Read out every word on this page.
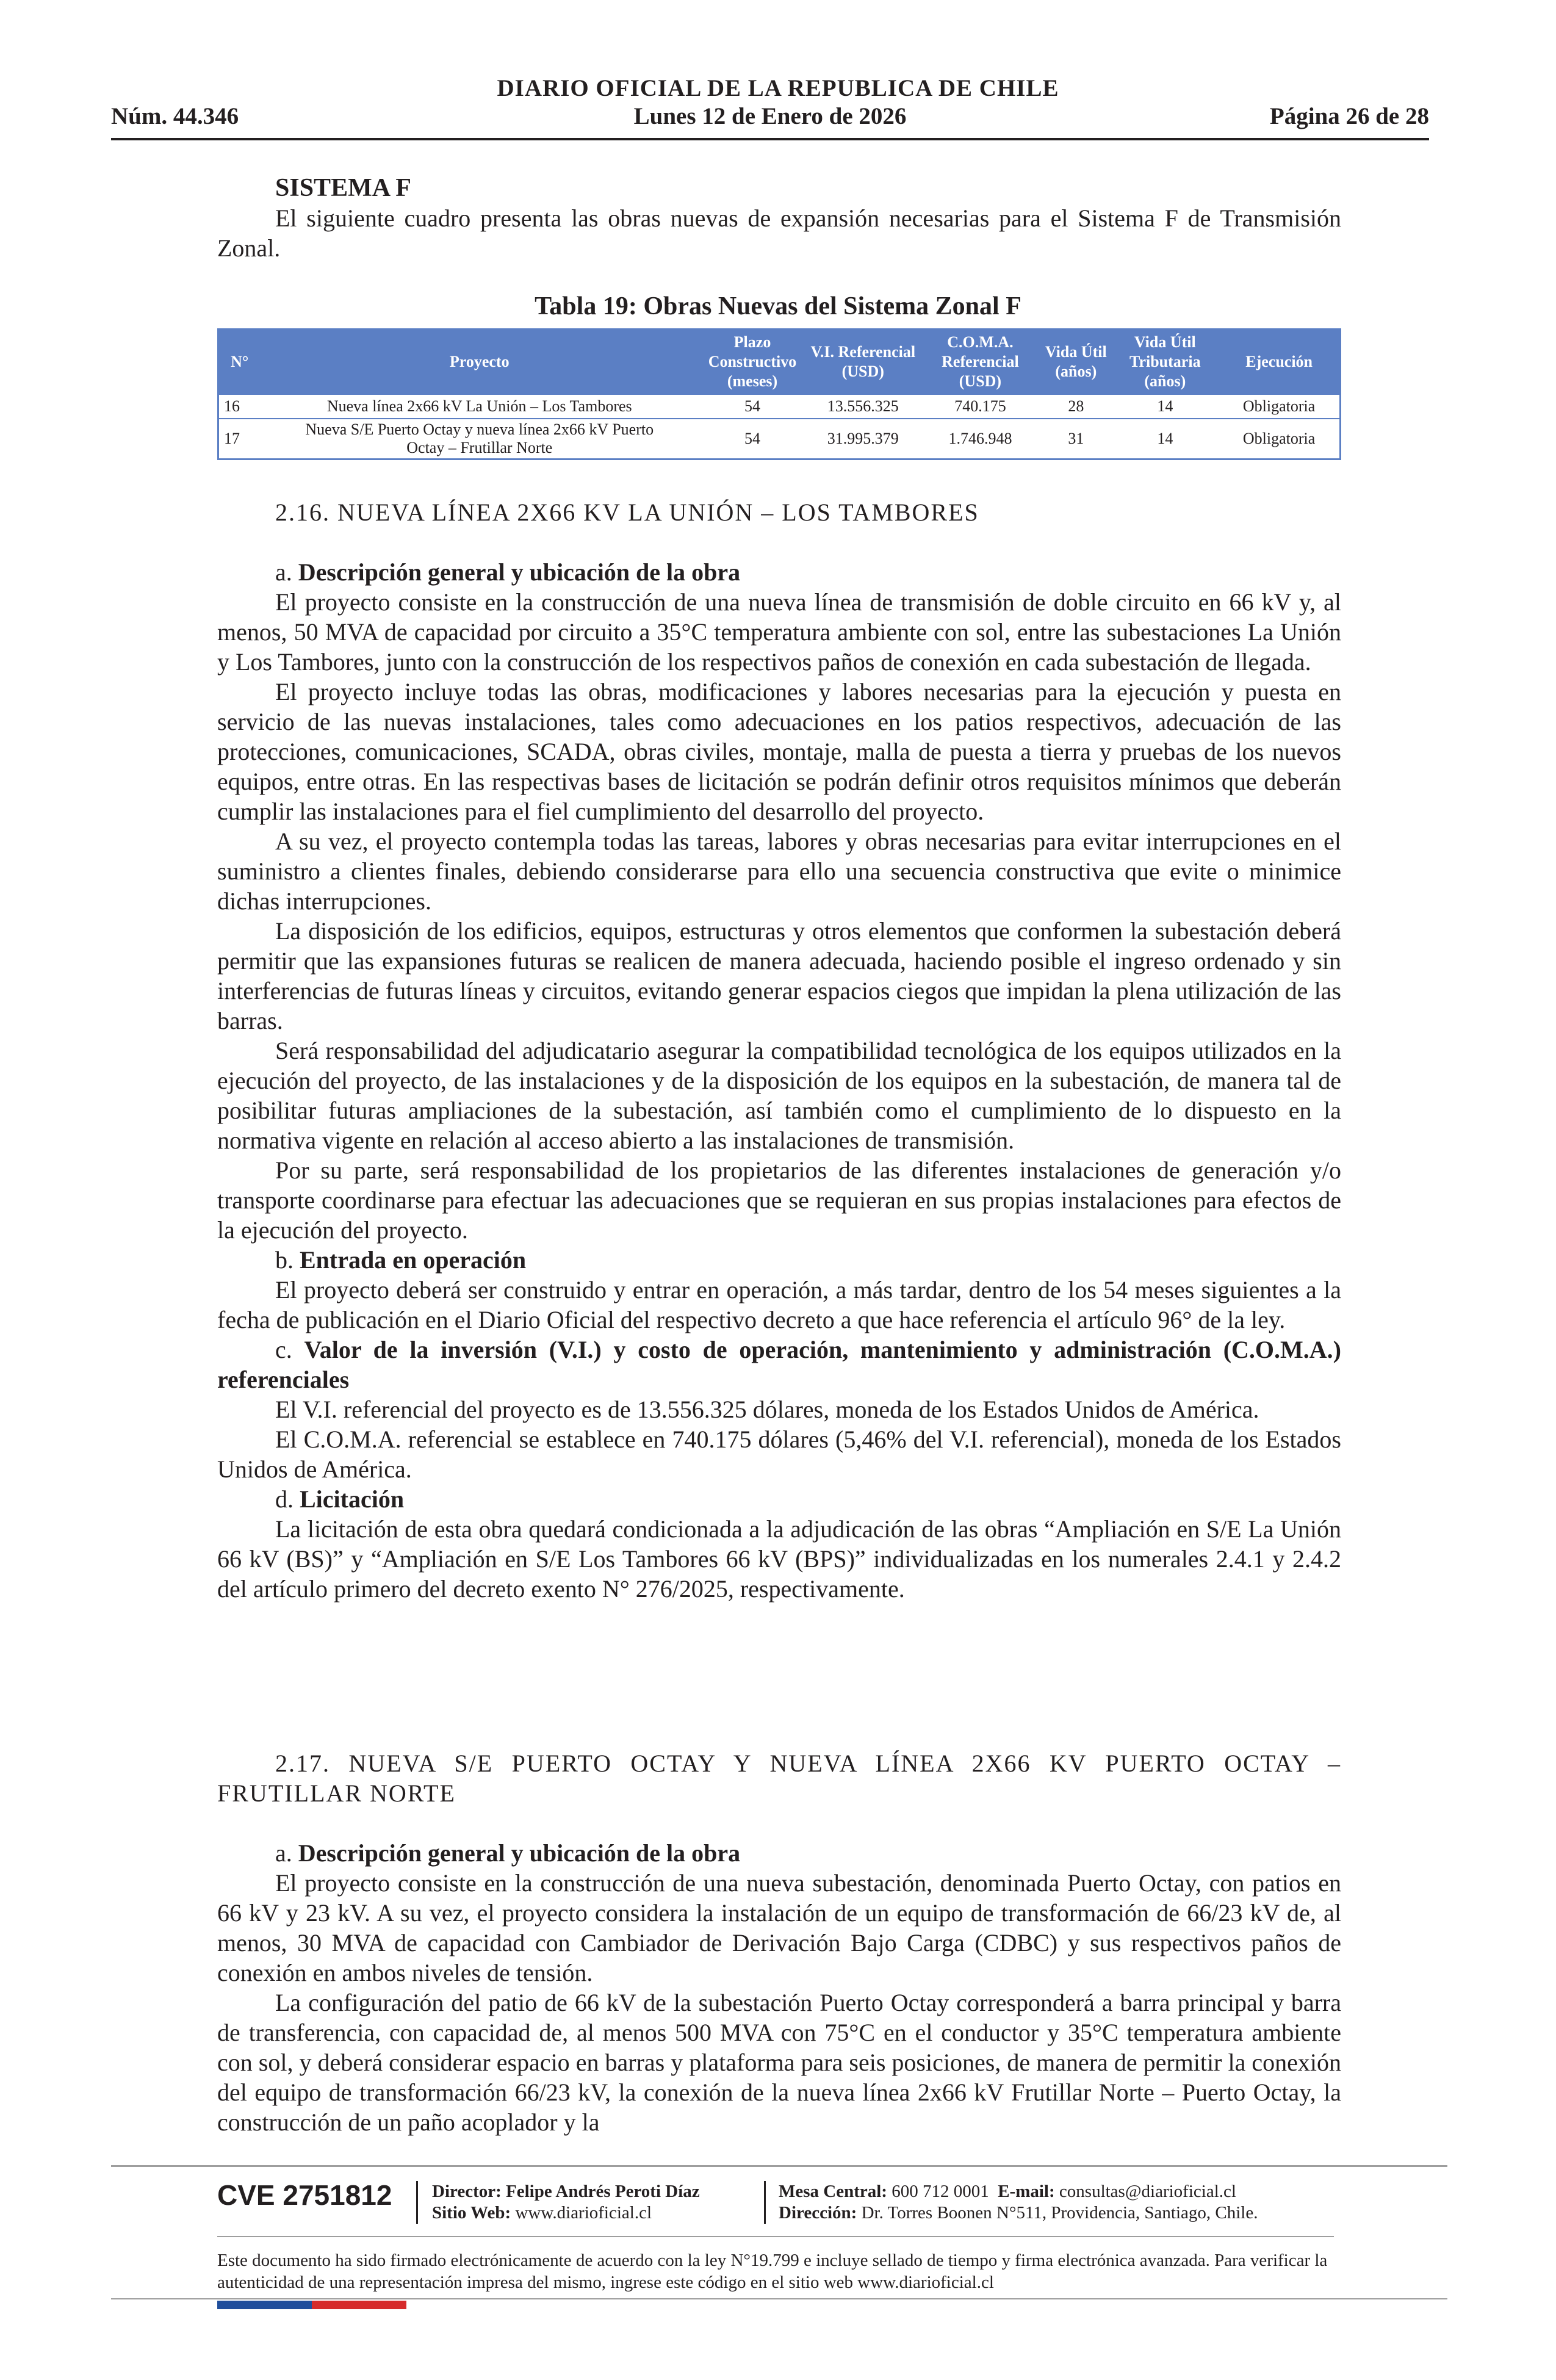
DIARIO OFICIAL DE LA REPUBLICA DE CHILE
Núm. 44.346	Lunes 12 de Enero de 2026	Página 26 de 28
SISTEMA F

El siguiente cuadro presenta las obras nuevas de expansión necesarias para el Sistema F de Transmisión Zonal.

Tabla 19: Obras Nuevas del Sistema Zonal F
N°	Proyecto	Plazo Constructivo (meses)	V.I. Referencial (USD)	C.O.M.A. Referencial (USD)	Vida Útil (años)	Vida Útil Tributaria (años)	Ejecución
16	Nueva línea 2x66 kV La Unión – Los Tambores	54	13.556.325	740.175	28	14	Obligatoria
17	Nueva S/E Puerto Octay y nueva línea 2x66 kV Puerto Octay – Frutillar Norte	54	31.995.379	1.746.948	31	14	Obligatoria
2.16. NUEVA LÍNEA 2X66 KV LA UNIÓN – LOS TAMBORES
a. Descripción general y ubicación de la obra

El proyecto consiste en la construcción de una nueva línea de transmisión de doble circuito en 66 kV y, al menos, 50 MVA de capacidad por circuito a 35°C temperatura ambiente con sol, entre las subestaciones La Unión y Los Tambores, junto con la construcción de los respectivos paños de conexión en cada subestación de llegada.

El proyecto incluye todas las obras, modificaciones y labores necesarias para la ejecución y puesta en servicio de las nuevas instalaciones, tales como adecuaciones en los patios respectivos, adecuación de las protecciones, comunicaciones, SCADA, obras civiles, montaje, malla de puesta a tierra y pruebas de los nuevos equipos, entre otras. En las respectivas bases de licitación se podrán definir otros requisitos mínimos que deberán cumplir las instalaciones para el fiel cumplimiento del desarrollo del proyecto.

A su vez, el proyecto contempla todas las tareas, labores y obras necesarias para evitar interrupciones en el suministro a clientes finales, debiendo considerarse para ello una secuencia constructiva que evite o minimice dichas interrupciones.

La disposición de los edificios, equipos, estructuras y otros elementos que conformen la subestación deberá permitir que las expansiones futuras se realicen de manera adecuada, haciendo posible el ingreso ordenado y sin interferencias de futuras líneas y circuitos, evitando generar espacios ciegos que impidan la plena utilización de las barras.

Será responsabilidad del adjudicatario asegurar la compatibilidad tecnológica de los equipos utilizados en la ejecución del proyecto, de las instalaciones y de la disposición de los equipos en la subestación, de manera tal de posibilitar futuras ampliaciones de la subestación, así también como el cumplimiento de lo dispuesto en la normativa vigente en relación al acceso abierto a las instalaciones de transmisión.

Por su parte, será responsabilidad de los propietarios de las diferentes instalaciones de generación y/o transporte coordinarse para efectuar las adecuaciones que se requieran en sus propias instalaciones para efectos de la ejecución del proyecto.

b. Entrada en operación

El proyecto deberá ser construido y entrar en operación, a más tardar, dentro de los 54 meses siguientes a la fecha de publicación en el Diario Oficial del respectivo decreto a que hace referencia el artículo 96° de la ley.

c. Valor de la inversión (V.I.) y costo de operación, mantenimiento y administración (C.O.M.A.) referenciales

El V.I. referencial del proyecto es de 13.556.325 dólares, moneda de los Estados Unidos de América.

El C.O.M.A. referencial se establece en 740.175 dólares (5,46% del V.I. referencial), moneda de los Estados Unidos de América.

d. Licitación

La licitación de esta obra quedará condicionada a la adjudicación de las obras “Ampliación en S/E La Unión 66 kV (BS)” y “Ampliación en S/E Los Tambores 66 kV (BPS)” individualizadas en los numerales 2.4.1 y 2.4.2 del artículo primero del decreto exento N° 276/2025, respectivamente.

2.17. NUEVA S/E PUERTO OCTAY Y NUEVA LÍNEA 2X66 KV PUERTO OCTAY – FRUTILLAR NORTE

a. Descripción general y ubicación de la obra

El proyecto consiste en la construcción de una nueva subestación, denominada Puerto Octay, con patios en 66 kV y 23 kV. A su vez, el proyecto considera la instalación de un equipo de transformación de 66/23 kV de, al menos, 30 MVA de capacidad con Cambiador de Derivación Bajo Carga (CDBC) y sus respectivos paños de conexión en ambos niveles de tensión.

La configuración del patio de 66 kV de la subestación Puerto Octay corresponderá a barra principal y barra de transferencia, con capacidad de, al menos 500 MVA con 75°C en el conductor y 35°C temperatura ambiente con sol, y deberá considerar espacio en barras y plataforma para seis posiciones, de manera de permitir la conexión del equipo de transformación 66/23 kV, la conexión de la nueva línea 2x66 kV Frutillar Norte – Puerto Octay, la construcción de un paño acoplador y la

CVE 2751812 Director: Felipe Andrés Peroti Díaz
Sitio Web: www.diarioficial.cl
Mesa Central: 600 712 0001 E-mail: consultas@diarioficial.cl
Dirección: Dr. Torres Boonen N°511, Providencia, Santiago, Chile.
Este documento ha sido firmado electrónicamente de acuerdo con la ley N°19.799 e incluye sellado de tiempo y firma electrónica avanzada. Para verificar la autenticidad de una representación impresa del mismo, ingrese este código en el sitio web www.diarioficial.cl
